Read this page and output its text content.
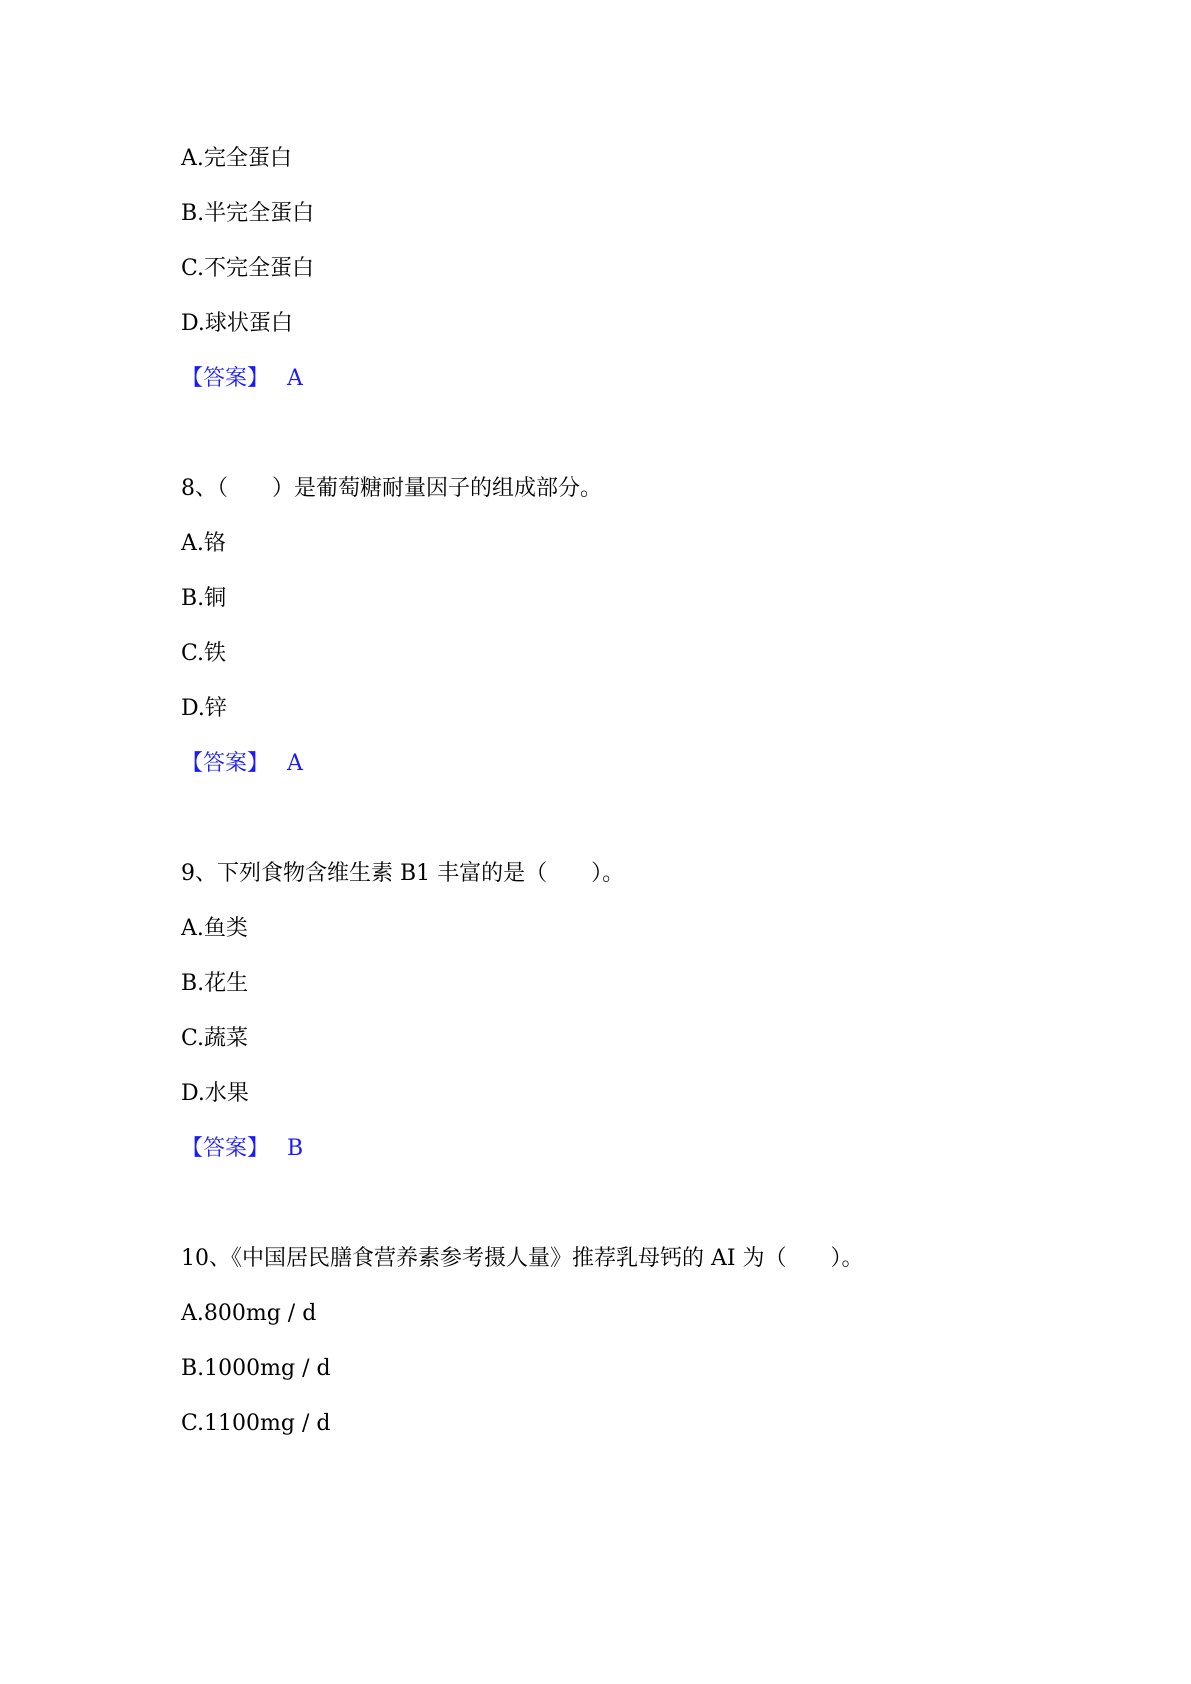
A.完全蛋白
B.半完全蛋白
C.不完全蛋白
D.球状蛋白
【答案】 A
8、（　　）是葡萄糖耐量因子的组成部分。
A.铬
B.铜
C.铁
D.锌
【答案】 A
9、下列食物含维生素 B1 丰富的是（　　）。
A.鱼类
B.花生
C.蔬菜
D.水果
【答案】 B
10、《中国居民膳食营养素参考摄人量》推荐乳母钙的 AI 为（　　）。
A.800mg / d
B.1000mg / d
C.1100mg / d
